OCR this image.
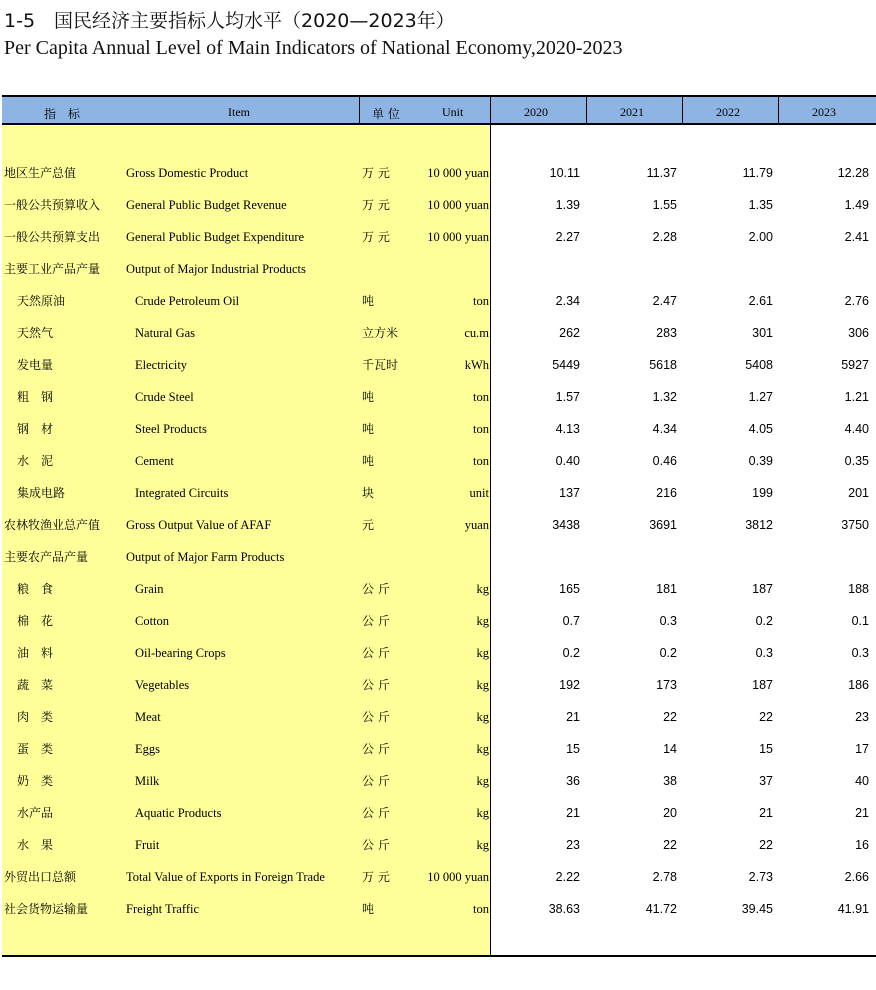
1-5　国民经济主要指标人均水平（2020—2023年）
Per Capita Annual Level of Main Indicators of National Economy,2020-2023
指　标	Item	单 位	Unit	2020	2021	2022	2023
地区生产总值	Gross Domestic Product	万 元	10 000 yuan	10.11	11.37	11.79	12.28
一般公共预算收入 General Public Budget Revenue	万 元	10 000 yuan	1.39	1.55	1.35	1.49
一般公共预算支出 General Public Budget Expenditure	万 元	10 000 yuan	2.27	2.28	2.00	2.41
主要工业产品产量 Output of Major Industrial Products
天然原油	Crude Petroleum Oil	吨	ton	2.34	2.47	2.61	2.76
天然气	Natural Gas	立方米	cu.m	262	283	301	306
发电量	Electricity	千瓦时	kWh	5449	5618	5408	5927
粗　钢	Crude Steel	吨	ton	1.57	1.32	1.27	1.21
钢　材	Steel Products	吨	ton	4.13	4.34	4.05	4.40
水　泥	Cement	吨	ton	0.40	0.46	0.39	0.35
集成电路	Integrated Circuits	块	unit	137	216	199	201
农林牧渔业总产值 Gross Output Value of AFAF	元	yuan	3438	3691	3812	3750
主要农产品产量	Output of Major Farm Products
粮　食	Grain	公 斤	kg	165	181	187	188
棉　花	Cotton	公 斤	kg	0.7	0.3	0.2	0.1
油　料	Oil-bearing Crops	公 斤	kg	0.2	0.2	0.3	0.3
蔬　菜	Vegetables	公 斤	kg	192	173	187	186
肉　类	Meat	公 斤	kg	21	22	22	23
蛋　类	Eggs	公 斤	kg	15	14	15	17
奶　类	Milk	公 斤	kg	36	38	37	40
水产品	Aquatic Products	公 斤	kg	21	20	21	21
水　果	Fruit	公 斤	kg	23	22	22	16
外贸出口总额	Total Value of Exports in Foreign Trade	万 元	10 000 yuan	2.22	2.78	2.73	2.66
社会货物运输量	Freight Traffic	吨	ton	38.63	41.72	39.45	41.91
